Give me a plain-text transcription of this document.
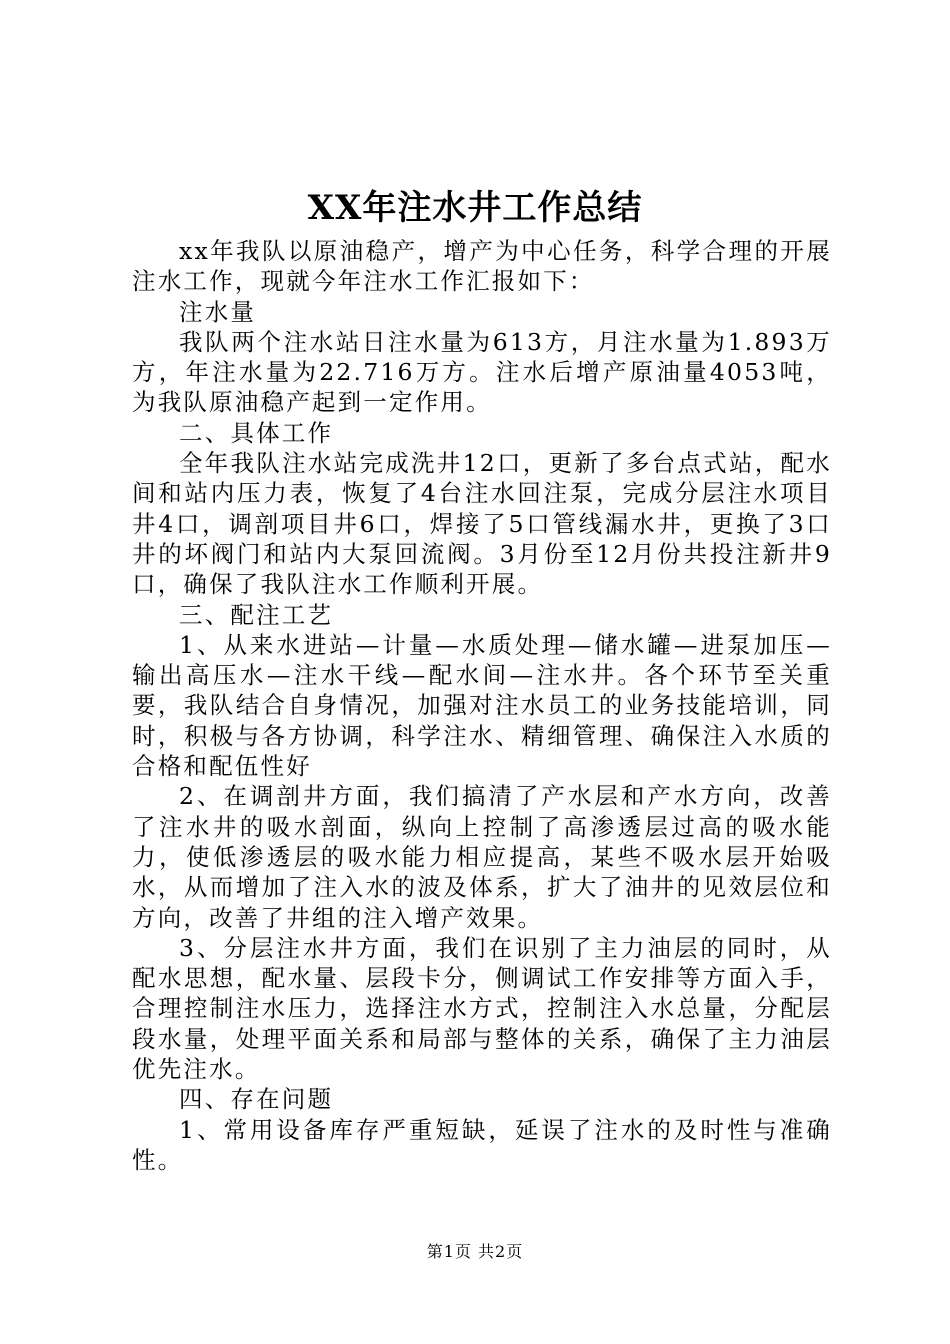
XX年注水井工作总结

xx年我队以原油稳产，增产为中心任务，科学合理的开展注水工作，现就今年注水工作汇报如下：

注水量

我队两个注水站日注水量为613方，月注水量为1.893万方，年注水量为22.716万方。注水后增产原油量4053吨，为我队原油稳产起到一定作用。

二、具体工作

全年我队注水站完成洗井12口，更新了多台点式站，配水间和站内压力表，恢复了4台注水回注泵，完成分层注水项目井4口，调剖项目井6口，焊接了5口管线漏水井，更换了3口井的坏阀门和站内大泵回流阀。3月份至12月份共投注新井9口，确保了我队注水工作顺利开展。

三、配注工艺

1、从来水进站—计量—水质处理—储水罐—进泵加压—输出高压水—注水干线—配水间—注水井。各个环节至关重要，我队结合自身情况，加强对注水员工的业务技能培训，同时，积极与各方协调，科学注水、精细管理、确保注入水质的合格和配伍性好

2、在调剖井方面，我们搞清了产水层和产水方向，改善了注水井的吸水剖面，纵向上控制了高渗透层过高的吸水能力，使低渗透层的吸水能力相应提高，某些不吸水层开始吸水，从而增加了注入水的波及体系，扩大了油井的见效层位和方向，改善了井组的注入增产效果。

3、分层注水井方面，我们在识别了主力油层的同时，从配水思想，配水量、层段卡分，侧调试工作安排等方面入手，合理控制注水压力，选择注水方式，控制注入水总量，分配层段水量，处理平面关系和局部与整体的关系，确保了主力油层优先注水。

四、存在问题

1、常用设备库存严重短缺，延误了注水的及时性与准确性。

第1页 共2页
